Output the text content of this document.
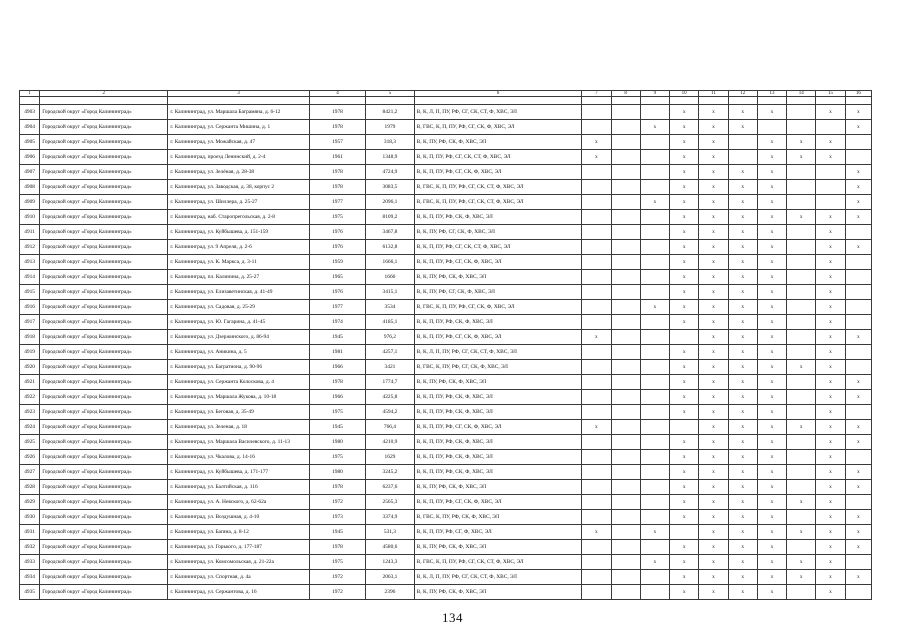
1	2	3	4	5	6	7	8	9	10	11	12	13	14	15	16

4903	Городской округ «Город Калининград»	г. Калининград, ул. Маршала Баграмяна, д. 6-12	1978	8421,2	В, К, Л, П, ПУ, РФ, СГ, СК, СТ, Ф, ХВС, ЭЛ				x	x	x	x		x	x
4904	Городской округ «Город Калининград»	г. Калининград, ул. Сержанта Мишина, д. 1	1978	1979	В, ГВС, К, П, ПУ, РФ, СГ, СК, Ф, ХВС, ЭЛ			x	x	x	x				x
4905	Городской округ «Город Калининград»	г. Калининград, ул. Можайская, д. 47	1957	318,3	В, К, ПУ, РФ, СК, Ф, ХВС, ЭЛ	x			x	x		x	x	x	
4906	Городской округ «Город Калининград»	г. Калининград, проезд Ленинский, д. 2-4	1961	1348,9	В, К, П, ПУ, РФ, СГ, СК, СТ, Ф, ХВС, ЭЛ	x			x	x		x	x	x	
4907	Городской округ «Город Калининград»	г. Калининград, ул. Зелёная, д. 28-38	1978	4724,9	В, К, П, ПУ, РФ, СГ, СК, Ф, ХВС, ЭЛ				x	x	x	x			x
4908	Городской округ «Город Калининград»	г. Калининград, ул. Заводская, д. 38, корпус 2	1978	3083,5	В, ГВС, К, П, ПУ, РФ, СГ, СК, СТ, Ф, ХВС, ЭЛ				x	x	x	x			x
4909	Городской округ «Город Калининград»	г. Калининград, ул. Шиллера, д. 25-27	1977	2096,1	В, ГВС, К, П, ПУ, РФ, СГ, СК, СТ, Ф, ХВС, ЭЛ			x	x	x	x	x			x
4910	Городской округ «Город Калининград»	г. Калининград, наб. Старопрегольская, д. 2-8	1975	8109,2	В, К, П, ПУ, РФ, СК, Ф, ХВС, ЭЛ				x	x	x	x	x	x	x
4911	Городской округ «Город Калининград»	г. Калининград, ул. Куйбышева, д. 151-159	1976	3467,8	В, К, ПУ, РФ, СГ, СК, Ф, ХВС, ЭЛ				x	x	x	x		x	
4912	Городской округ «Город Калининград»	г. Калининград, ул. 9 Апреля, д. 2-6	1976	6132,8	В, К, П, ПУ, РФ, СГ, СК, СТ, Ф, ХВС, ЭЛ				x	x	x	x		x	x
4913	Городской округ «Город Калининград»	г. Калининград, ул. К. Маркса, д. 3-11	1959	1666,1	В, К, П, ПУ, РФ, СГ, СК, Ф, ХВС, ЭЛ				x	x	x	x		x	
4914	Городской округ «Город Калининград»	г. Калининград, пл. Калинина, д. 25-27	1965	1666	В, К, ПУ, РФ, СК, Ф, ХВС, ЭЛ				x	x	x	x		x	
4915	Городской округ «Город Калининград»	г. Калининград, ул. Елизаветинская, д. 41-49	1976	3415,1	В, К, ПУ, РФ, СГ, СК, Ф, ХВС, ЭЛ				x	x	x	x		x	
4916	Городской округ «Город Калининград»	г. Калининград, ул. Садовая, д. 25-29	1977	3534	В, ГВС, К, П, ПУ, РФ, СГ, СК, Ф, ХВС, ЭЛ			x	x	x	x	x		x	
4917	Городской округ «Город Калининград»	г. Калининград, ул. Ю. Гагарина, д. 41-45	1974	4185,1	В, К, П, ПУ, РФ, СК, Ф, ХВС, ЭЛ				x	x	x	x		x	
4918	Городской округ «Город Калининград»	г. Калининград, ул. Дзержинского, д. 86-94	1945	976,2	В, К, П, ПУ, РФ, СГ, СК, Ф, ХВС, ЭЛ	x				x	x	x		x	x
4919	Городской округ «Город Калининград»	г. Калининград, ул. Аникина, д. 5	1981	4257,1	В, К, Л, П, ПУ, РФ, СГ, СК, СТ, Ф, ХВС, ЭЛ				x	x	x	x		x	
4920	Городской округ «Город Калининград»	г. Калининград, ул. Багратиона, д. 90-96	1966	3421	В, ГВС, К, ПУ, РФ, СГ, СК, Ф, ХВС, ЭЛ				x	x	x	x	x	x	
4921	Городской округ «Город Калининград»	г. Калининград, ул. Сержанта Колоскова, д. 4	1978	1774,7	В, К, ПУ, РФ, СК, Ф, ХВС, ЭЛ				x	x	x	x		x	x
4922	Городской округ «Город Калининград»	г. Калининград, ул. Маршала Жукова, д. 10-18	1966	4225,8	В, К, П, ПУ, РФ, СК, Ф, ХВС, ЭЛ				x	x	x	x		x	x
4923	Городской округ «Город Калининград»	г. Калининград, ул. Беговая, д. 35-49	1975	4594,2	В, К, П, ПУ, РФ, СК, Ф, ХВС, ЭЛ				x	x	x	x		x	
4924	Городской округ «Город Калининград»	г. Калининград, ул. Зеленая, д. 18	1945	766,4	В, К, П, ПУ, РФ, СГ, СК, Ф, ХВС, ЭЛ	x				x	x	x	x	x	x
4925	Городской округ «Город Калининград»	г. Калининград, ул. Маршала Василевского, д. 11-13	1980	4210,9	В, К, П, ПУ, РФ, СК, Ф, ХВС, ЭЛ				x	x	x	x		x	x
4926	Городской округ «Город Калининград»	г. Калининград, ул. Чкалова, д. 14-16	1975	1629	В, К, П, ПУ, РФ, СК, Ф, ХВС, ЭЛ				x	x	x	x		x	
4927	Городской округ «Город Калининград»	г. Калининград, ул. Куйбышева, д. 171-177	1980	3245,2	В, К, П, ПУ, РФ, СК, Ф, ХВС, ЭЛ				x	x	x	x		x	x
4928	Городской округ «Город Калининград»	г. Калининград, ул. Балтийская, д. 116	1978	6237,6	В, К, ПУ, РФ, СК, Ф, ХВС, ЭЛ				x	x	x	x		x	x
4929	Городской округ «Город Калининград»	г. Калининград, ул. А. Невского, д. 62-62а	1972	2565,3	В, К, П, ПУ, РФ, СГ, СК, Ф, ХВС, ЭЛ				x	x	x	x	x	x	
4930	Городской округ «Город Калининград»	г. Калининград, ул. Воздушная, д. 4-10	1973	3374,9	В, ГВС, К, ПУ, РФ, СК, Ф, ХВС, ЭЛ				x	x	x	x		x	x
4931	Городской округ «Город Калининград»	г. Калининград, ул. Багяна, д. 8-12	1945	531,3	В, К, П, ПУ, РФ, СГ, Ф, ХВС, ЭЛ	x		x		x	x	x	x	x	x
4932	Городской округ «Город Калининград»	г. Калининград, ул. Горького, д. 177-187	1978	4580,6	В, К, ПУ, РФ, СК, Ф, ХВС, ЭЛ				x	x	x	x		x	x
4933	Городской округ «Город Калининград»	г. Калининград, ул. Комсомольская, д. 21-22а	1975	1243,3	В, ГВС, К, П, ПУ, РФ, СГ, СК, СТ, Ф, ХВС, ЭЛ			x	x	x	x	x	x	x	
4934	Городской округ «Город Калининград»	г. Калининград, ул. Спортная, д. 4а	1972	2063,1	В, К, Л, П, ПУ, РФ, СГ, СК, СТ, Ф, ХВС, ЭЛ				x	x	x	x	x	x	x
4935	Городской округ «Город Калининград»	г. Калининград, ул. Сержантова, д. 16	1972	2396	В, К, ПУ, РФ, СК, Ф, ХВС, ЭЛ				x	x	x	x		x	
134
